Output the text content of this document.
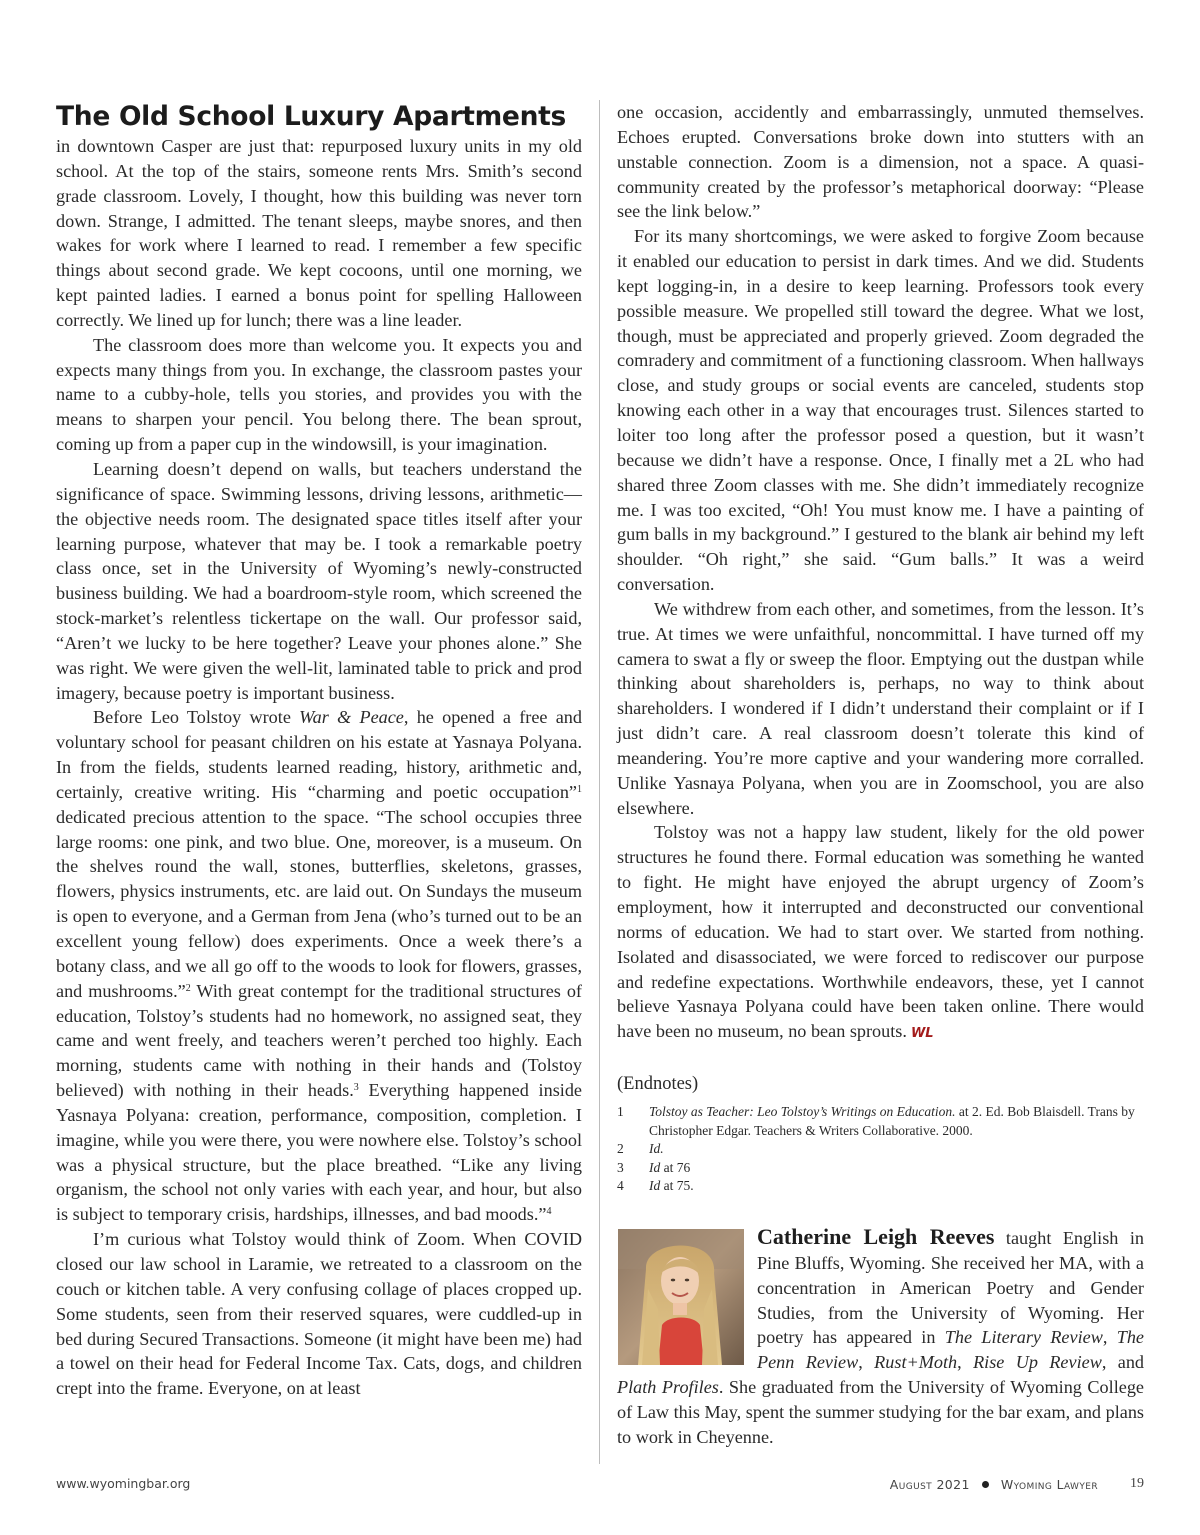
The Old School Luxury Apartments

in downtown Casper are just that: repurposed luxury units in my old school. At the top of the stairs, someone rents Mrs. Smith’s second grade classroom. Lovely, I thought, how this building was never torn down. Strange, I admitted. The tenant sleeps, maybe snores, and then wakes for work where I learned to read. I remember a few specific things about second grade. We kept cocoons, until one morning, we kept painted ladies. I earned a bonus point for spelling Halloween correctly. We lined up for lunch; there was a line leader.

The classroom does more than welcome you. It expects you and expects many things from you. In exchange, the classroom pastes your name to a cubby-hole, tells you stories, and provides you with the means to sharpen your pencil. You belong there. The bean sprout, coming up from a paper cup in the windowsill, is your imagination.

Learning doesn’t depend on walls, but teachers understand the significance of space. Swimming lessons, driving lessons, arithmetic—the objective needs room. The designated space titles itself after your learning purpose, whatever that may be. I took a remarkable poetry class once, set in the University of Wyoming’s newly-constructed business building. We had a boardroom-style room, which screened the stock-market’s relentless tickertape on the wall. Our professor said, “Aren’t we lucky to be here together? Leave your phones alone.” She was right. We were given the well-lit, laminated table to prick and prod imagery, because poetry is important business.

Before Leo Tolstoy wrote War & Peace, he opened a free and voluntary school for peasant children on his estate at Yasnaya Polyana. In from the fields, students learned reading, history, arithmetic and, certainly, creative writing. His “charming and poetic occupation”$^1$ dedicated precious attention to the space. “The school occupies three large rooms: one pink, and two blue. One, moreover, is a museum. On the shelves round the wall, stones, butterflies, skeletons, grasses, flowers, physics instruments, etc. are laid out. On Sundays the museum is open to everyone, and a German from Jena (who’s turned out to be an excellent young fellow) does experiments. Once a week there’s a botany class, and we all go off to the woods to look for flowers, grasses, and mushrooms.”$^2$ With great contempt for the traditional structures of education, Tolstoy’s students had no homework, no assigned seat, they came and went freely, and teachers weren’t perched too highly. Each morning, students came with nothing in their hands and (Tolstoy believed) with nothing in their heads.$^3$ Everything happened inside Yasnaya Polyana: creation, performance, composition, completion. I imagine, while you were there, you were nowhere else. Tolstoy’s school was a physical structure, but the place breathed. “Like any living organism, the school not only varies with each year, and hour, but also is subject to temporary crisis, hardships, illnesses, and bad moods.”$^4$

I’m curious what Tolstoy would think of Zoom. When COVID closed our law school in Laramie, we retreated to a classroom on the couch or kitchen table. A very confusing collage of places cropped up. Some students, seen from their reserved squares, were cuddled-up in bed during Secured Transactions. Someone (it might have been me) had a towel on their head for Federal Income Tax. Cats, dogs, and children crept into the frame. Everyone, on at least

one occasion, accidently and embarrassingly, unmuted themselves. Echoes erupted. Conversations broke down into stutters with an unstable connection. Zoom is a dimension, not a space. A quasi-community created by the professor’s metaphorical doorway: “Please see the link below.”

For its many shortcomings, we were asked to forgive Zoom because it enabled our education to persist in dark times. And we did. Students kept logging-in, in a desire to keep learning. Professors took every possible measure. We propelled still toward the degree. What we lost, though, must be appreciated and properly grieved. Zoom degraded the comradery and commitment of a functioning classroom. When hallways close, and study groups or social events are canceled, students stop knowing each other in a way that encourages trust. Silences started to loiter too long after the professor posed a question, but it wasn’t because we didn’t have a response. Once, I finally met a 2L who had shared three Zoom classes with me. She didn’t immediately recognize me. I was too excited, “Oh! You must know me. I have a painting of gum balls in my background.” I gestured to the blank air behind my left shoulder. “Oh right,” she said. “Gum balls.” It was a weird conversation.

We withdrew from each other, and sometimes, from the lesson. It’s true. At times we were unfaithful, noncommittal. I have turned off my camera to swat a fly or sweep the floor. Emptying out the dustpan while thinking about shareholders is, perhaps, no way to think about shareholders. I wondered if I didn’t understand their complaint or if I just didn’t care. A real classroom doesn’t tolerate this kind of meandering. You’re more captive and your wandering more corralled. Unlike Yasnaya Polyana, when you are in Zoomschool, you are also elsewhere.

Tolstoy was not a happy law student, likely for the old power structures he found there. Formal education was something he wanted to fight. He might have enjoyed the abrupt urgency of Zoom’s employment, how it interrupted and deconstructed our conventional norms of education. We had to start over. We started from nothing. Isolated and disassociated, we were forced to rediscover our purpose and redefine expectations. Worthwhile endeavors, these, yet I cannot believe Yasnaya Polyana could have been taken online. There would have been no museum, no bean sprouts. WL

(Endnotes)
1	Tolstoy as Teacher: Leo Tolstoy’s Writings on Education. at 2. Ed. Bob Blaisdell. Trans by Christopher Edgar. Teachers & Writers Collaborative. 2000.
2	Id.
3	Id at 76
4	Id at 75.
Catherine Leigh Reeves taught English in Pine Bluffs, Wyoming. She received her MA, with a concentration in American Poetry and Gender Studies, from the University of Wyoming. Her poetry has appeared in The Literary Review, The Penn Review, Rust+Moth, Rise Up Review, and Plath Profiles. She graduated from the University of Wyoming College of Law this May, spent the summer studying for the bar exam, and plans to work in Cheyenne.
www.wyomingbar.org	August 2021 Wyoming Lawyer 19
